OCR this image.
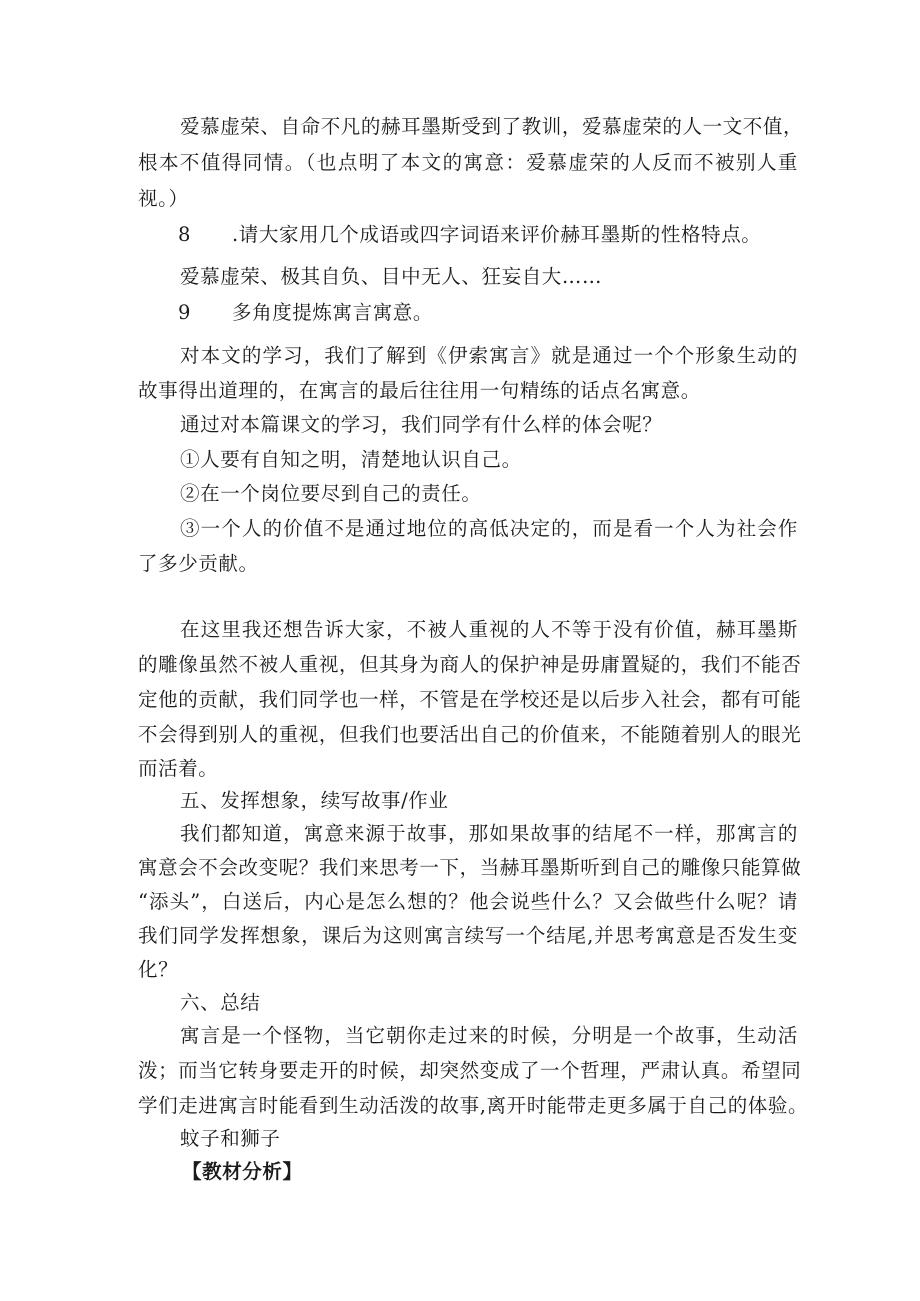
爱慕虚荣、自命不凡的赫耳墨斯受到了教训，爱慕虚荣的人一文不值，
根本不值得同情。（也点明了本文的寓意：爱慕虚荣的人反而不被别人重
视。）
8 .请大家用几个成语或四字词语来评价赫耳墨斯的性格特点。
爱慕虚荣、极其自负、目中无人、狂妄自大……
9 多角度提炼寓言寓意。
对本文的学习，我们了解到《伊索寓言》就是通过一个个形象生动的
故事得出道理的，在寓言的最后往往用一句精练的话点名寓意。
通过对本篇课文的学习，我们同学有什么样的体会呢？
①人要有自知之明，清楚地认识自己。
②在一个岗位要尽到自己的责任。
③一个人的价值不是通过地位的高低决定的，而是看一个人为社会作
了多少贡献。
在这里我还想告诉大家，不被人重视的人不等于没有价值，赫耳墨斯
的雕像虽然不被人重视，但其身为商人的保护神是毋庸置疑的，我们不能否
定他的贡献，我们同学也一样，不管是在学校还是以后步入社会，都有可能
不会得到别人的重视，但我们也要活出自己的价值来，不能随着别人的眼光
而活着。
五、发挥想象，续写故事/作业
我们都知道，寓意来源于故事，那如果故事的结尾不一样，那寓言的
寓意会不会改变呢？我们来思考一下，当赫耳墨斯听到自己的雕像只能算做
“添头”，白送后，内心是怎么想的？他会说些什么？又会做些什么呢？请
我们同学发挥想象，课后为这则寓言续写一个结尾,并思考寓意是否发生变
化？
六、总结
寓言是一个怪物，当它朝你走过来的时候，分明是一个故事，生动活
泼；而当它转身要走开的时候，却突然变成了一个哲理，严肃认真。希望同
学们走进寓言时能看到生动活泼的故事,离开时能带走更多属于自己的体验。
蚊子和狮子
【教材分析】
